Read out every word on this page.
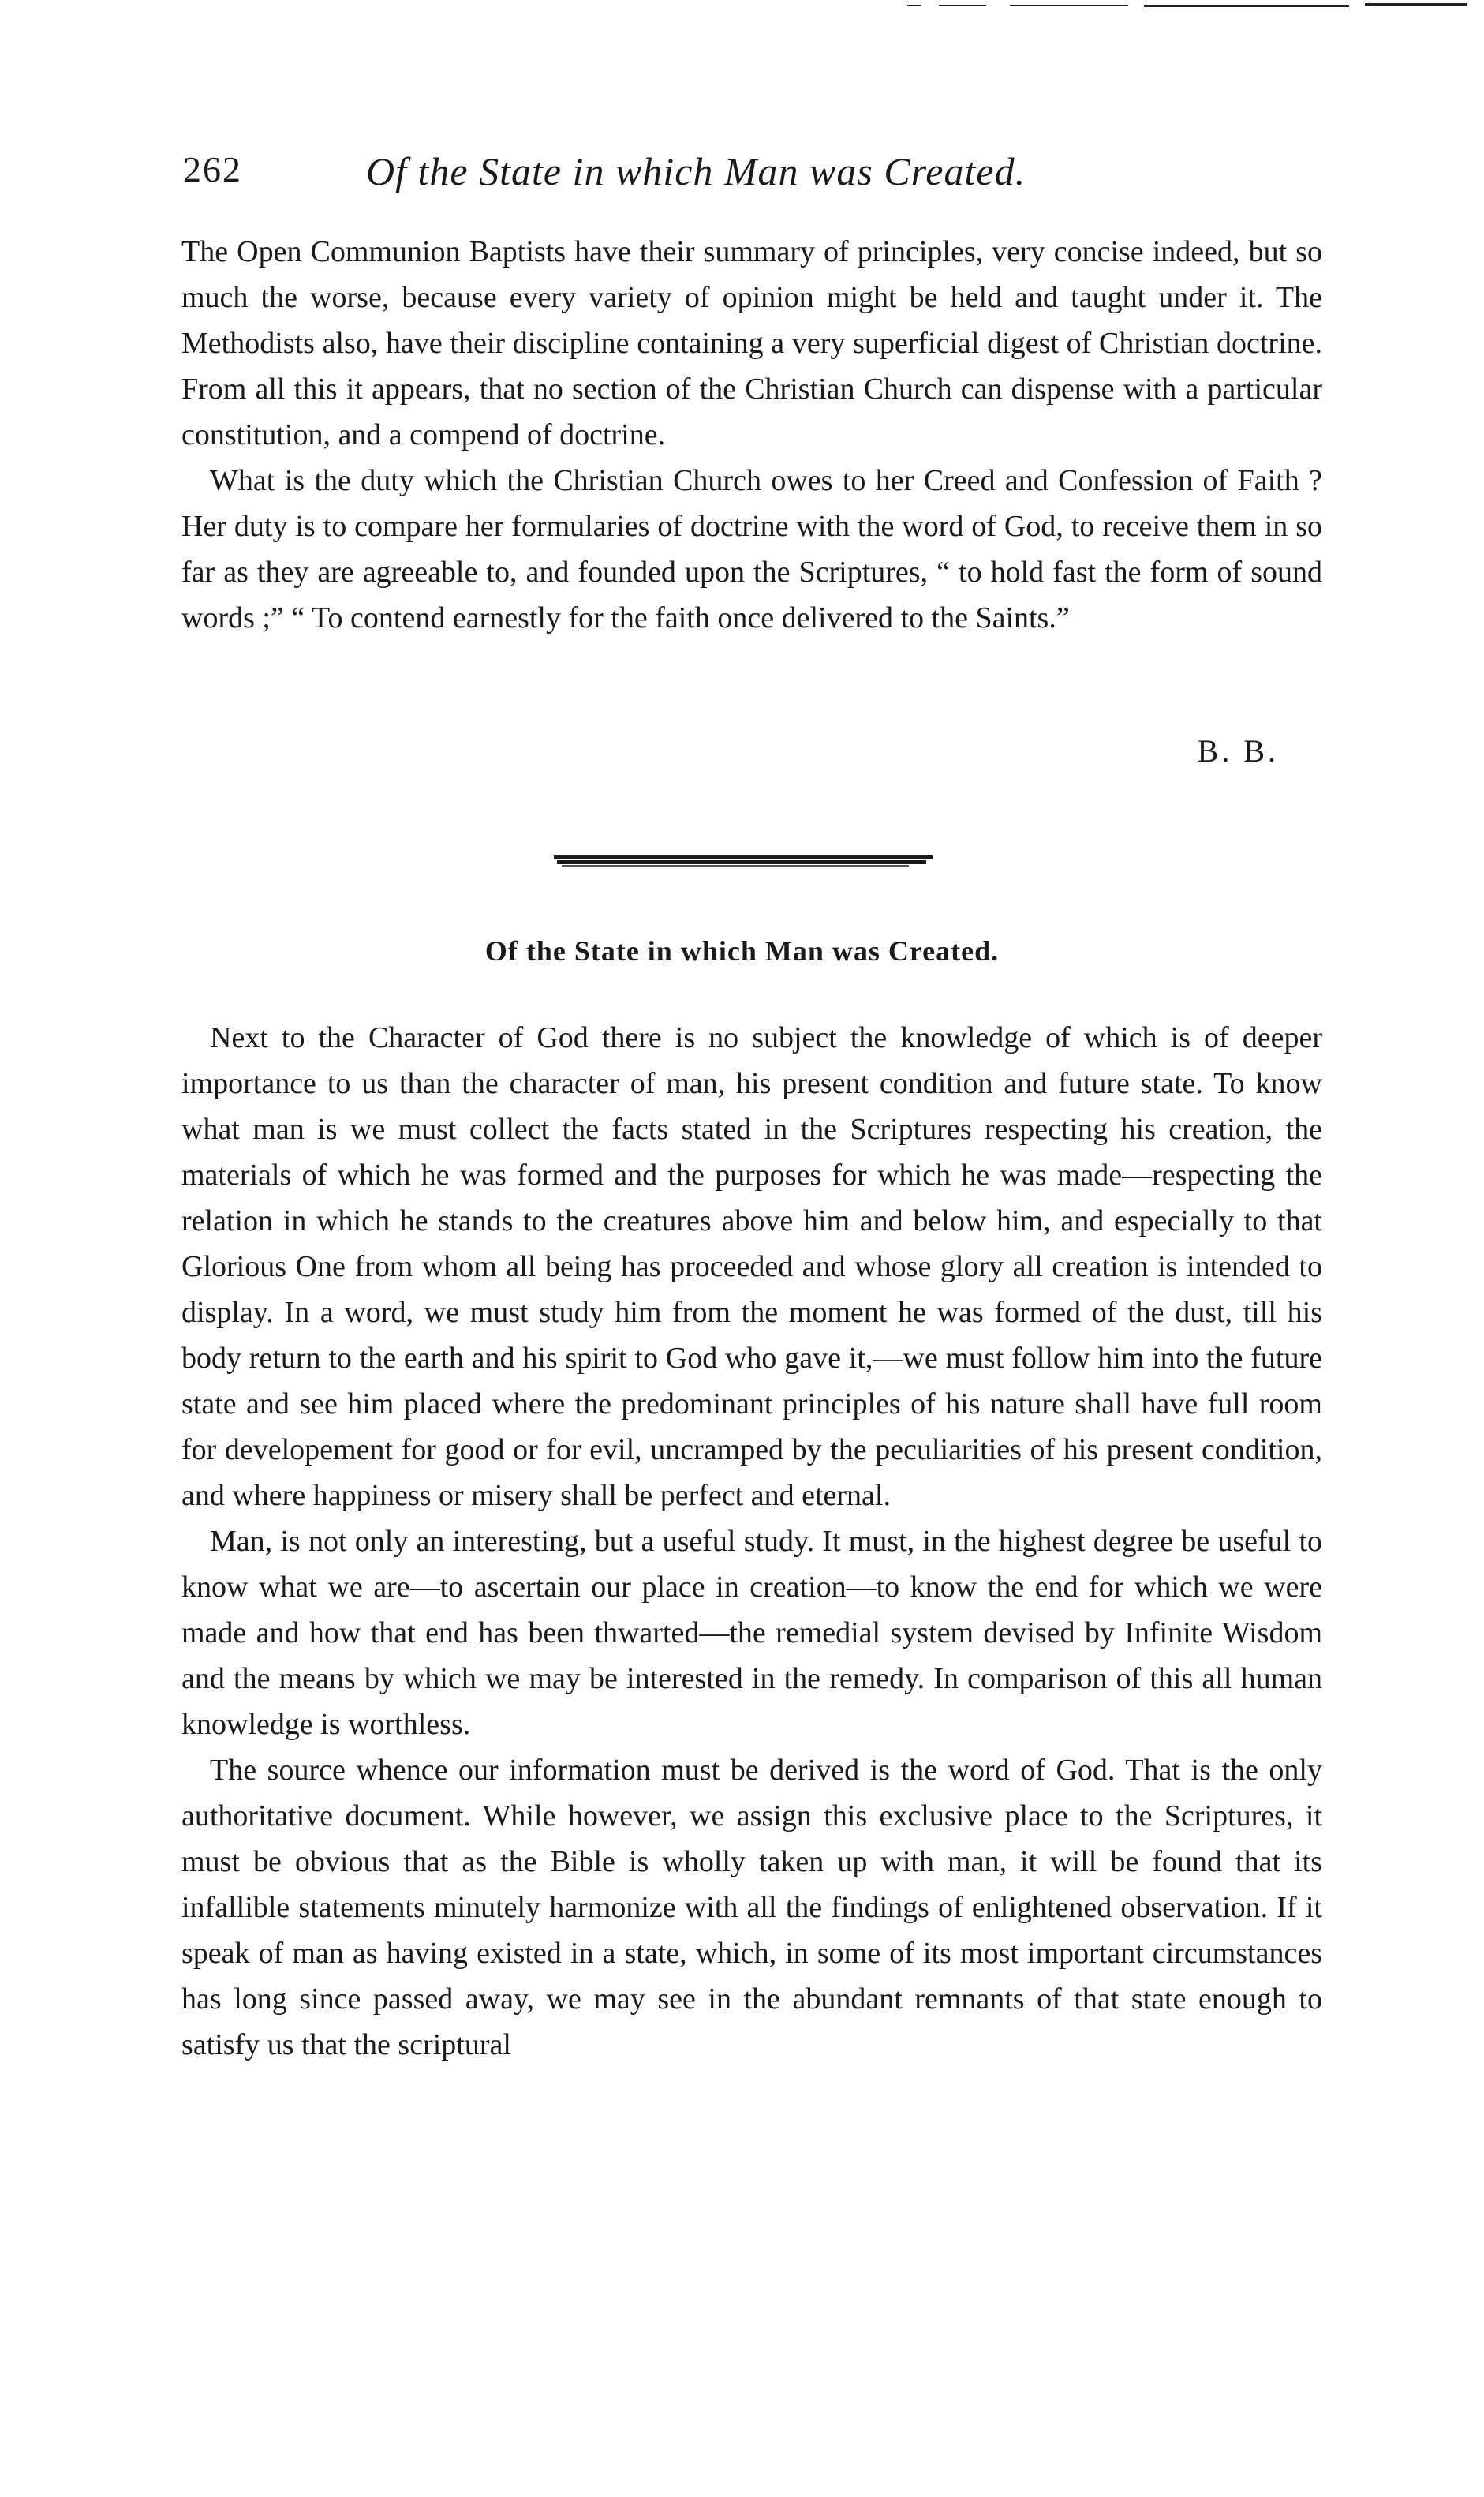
262	Of the State in which Man was Created.

The Open Communion Baptists have their summary of principles, very concise indeed, but so much the worse, because every variety of opinion might be held and taught under it. The Methodists also, have their discipline containing a very superficial digest of Christian doctrine. From all this it appears, that no section of the Christian Church can dispense with a particular constitution, and a compend of doctrine.

What is the duty which the Christian Church owes to her Creed and Confession of Faith ? Her duty is to compare her formularies of doctrine with the word of God, to receive them in so far as they are agreeable to, and founded upon the Scriptures, “ to hold fast the form of sound words ;” “ To contend earnestly for the faith once delivered to the Saints.”

B. B.
Of the State in which Man was Created.

Next to the Character of God there is no subject the knowledge of which is of deeper importance to us than the character of man, his present condition and future state. To know what man is we must collect the facts stated in the Scriptures respecting his creation, the materials of which he was formed and the purposes for which he was made—respecting the relation in which he stands to the creatures above him and below him, and especially to that Glorious One from whom all being has proceeded and whose glory all creation is intended to display. In a word, we must study him from the moment he was formed of the dust, till his body return to the earth and his spirit to God who gave it,—we must follow him into the future state and see him placed where the predominant principles of his nature shall have full room for developement for good or for evil, uncramped by the peculiarities of his present condition, and where happiness or misery shall be perfect and eternal.

Man, is not only an interesting, but a useful study. It must, in the highest degree be useful to know what we are—to ascertain our place in creation—to know the end for which we were made and how that end has been thwarted—the remedial system devised by Infinite Wisdom and the means by which we may be interested in the remedy. In comparison of this all human knowledge is worthless.

The source whence our information must be derived is the word of God. That is the only authoritative document. While however, we assign this exclusive place to the Scriptures, it must be obvious that as the Bible is wholly taken up with man, it will be found that its infallible statements minutely harmonize with all the findings of enlightened observation. If it speak of man as having existed in a state, which, in some of its most important circumstances has long since passed away, we may see in the abundant remnants of that state enough to satisfy us that the scriptural
